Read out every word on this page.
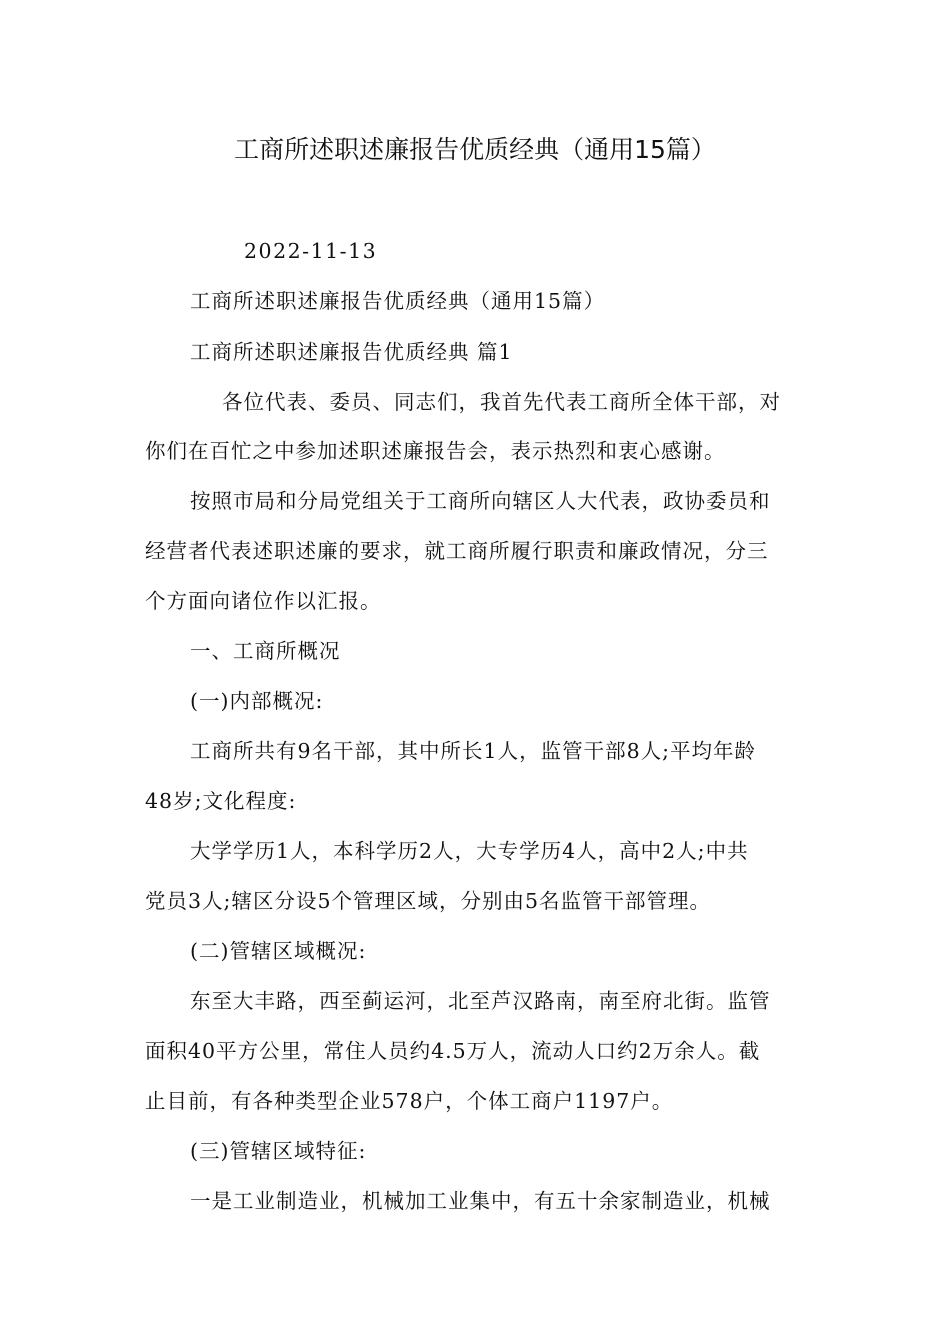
工商所述职述廉报告优质经典（通用15篇）
2022-11-13
工商所述职述廉报告优质经典（通用15篇）
工商所述职述廉报告优质经典 篇1
各位代表、委员、同志们，我首先代表工商所全体干部，对
你们在百忙之中参加述职述廉报告会，表示热烈和衷心感谢。
按照市局和分局党组关于工商所向辖区人大代表，政协委员和
经营者代表述职述廉的要求，就工商所履行职责和廉政情况，分三
个方面向诸位作以汇报。
一、工商所概况
(一)内部概况:
工商所共有9名干部，其中所长1人，监管干部8人;平均年龄
48岁;文化程度:
大学学历1人，本科学历2人，大专学历4人，高中2人;中共
党员3人;辖区分设5个管理区域，分别由5名监管干部管理。
(二)管辖区域概况:
东至大丰路，西至蓟运河，北至芦汉路南，南至府北街。监管
面积40平方公里，常住人员约4.5万人，流动人口约2万余人。截
止目前，有各种类型企业578户，个体工商户1197户。
(三)管辖区域特征:
一是工业制造业，机械加工业集中，有五十余家制造业，机械
